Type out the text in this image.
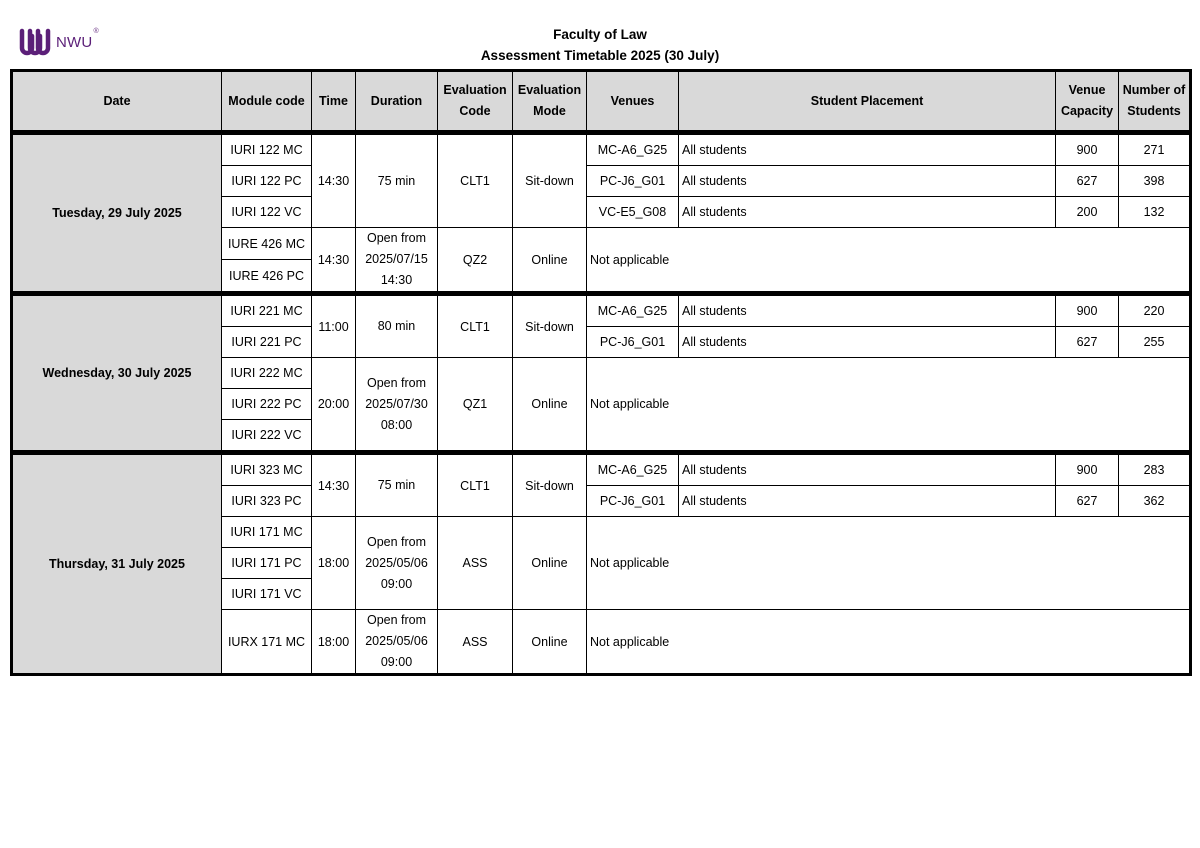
NWU
®	Faculty of Law
Assessment Timetable 2025 (30 July)
Date	Module code	Time	Duration	Evaluation Code	Evaluation Mode	Venues	Student Placement	Venue Capacity	Number of Students

Tuesday, 29 July 2025	IURI 122 MC	14:30	75 min	CLT1	Sit-down	MC-A6_G25	All students	900	271
	IURI 122 PC					PC-J6_G01	All students	627	398
	IURI 122 VC					VC-E5_G08	All students	200	132
	IURE 426 MC	14:30	Open from 2025/07/15 14:30	QZ2	Online	Not applicable			
	IURE 426 PC								

Wednesday, 30 July 2025	IURI 221 MC	11:00	80 min	CLT1	Sit-down	MC-A6_G25	All students	900	220
	IURI 221 PC					PC-J6_G01	All students	627	255
	IURI 222 MC	20:00	Open from 2025/07/30 08:00	QZ1	Online	Not applicable			
	IURI 222 PC								
	IURI 222 VC								

Thursday, 31 July 2025	IURI 323 MC	14:30	75 min	CLT1	Sit-down	MC-A6_G25	All students	900	283
	IURI 323 PC					PC-J6_G01	All students	627	362
	IURI 171 MC	18:00	Open from 2025/05/06 09:00	ASS	Online	Not applicable			
	IURI 171 PC								
	IURI 171 VC								
	IURX 171 MC	18:00	Open from 2025/05/06 09:00	ASS	Online	Not applicable			
